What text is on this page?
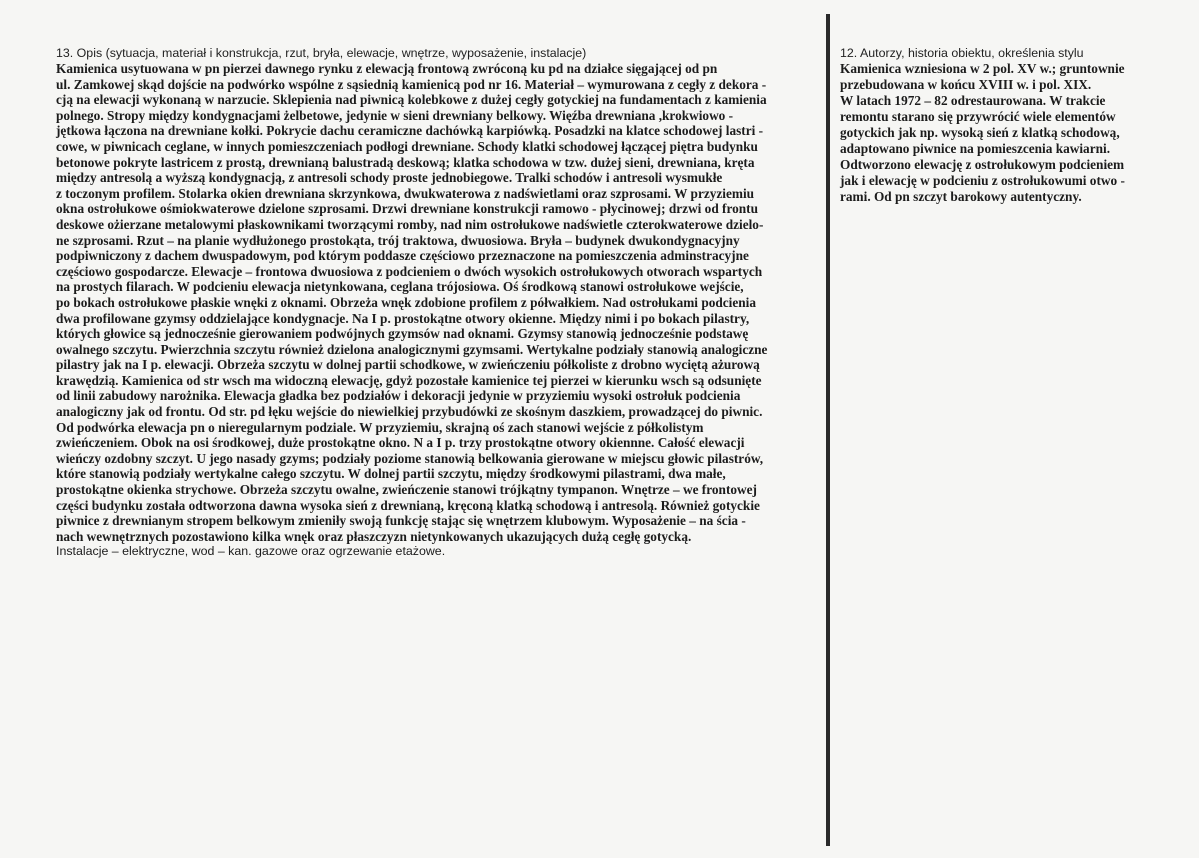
13. Opis (sytuacja, materiał i konstrukcja, rzut, bryła, elewacje, wnętrze, wyposażenie, instalacje)
Kamienica usytuowana w pn pierzei dawnego rynku z elewacją frontową zwróconą ku pd na działce sięgającej od pn
ul. Zamkowej skąd dojście na podwórko wspólne z sąsiednią kamienicą pod nr 16. Materiał – wymurowana z cegły z dekora -
cją na elewacji wykonaną w narzucie. Sklepienia nad piwnicą kolebkowe z dużej cegły gotyckiej na fundamentach z kamienia
polnego. Stropy między kondygnacjami żelbetowe, jedynie w sieni drewniany belkowy. Więźba drewniana ,krokwiowo -
jętkowa łączona na drewniane kołki. Pokrycie dachu ceramiczne dachówką karpiówką. Posadzki na klatce schodowej lastri -
cowe, w piwnicach ceglane, w innych pomieszczeniach podłogi drewniane. Schody klatki schodowej łączącej piętra budynku
betonowe pokryte lastricem z prostą, drewnianą balustradą deskową; klatka schodowa w tzw. dużej sieni, drewniana, kręta
między antresolą a wyższą kondygnacją, z antresoli schody proste jednobiegowe. Tralki schodów i antresoli wysmukłe
z toczonym profilem. Stolarka okien drewniana skrzynkowa, dwukwaterowa z nadświetlami oraz szprosami. W przyziemiu
okna ostrołukowe ośmiokwaterowe dzielone szprosami. Drzwi drewniane konstrukcji ramowo - płycinowej; drzwi od frontu
deskowe ożierzane metalowymi płaskownikami tworzącymi romby, nad nim ostrołukowe nadświetle czterokwaterowe dzielo-
ne szprosami. Rzut – na planie wydłużonego prostokąta, trój traktowa, dwuosiowa. Bryła – budynek dwukondygnacyjny
podpiwniczony z dachem dwuspadowym, pod którym poddasze częściowo przeznaczone na pomieszczenia adminstracyjne
częściowo gospodarcze. Elewacje – frontowa dwuosiowa z podcieniem o dwóch wysokich ostrołukowych otworach wspartych
na prostych filarach. W podcieniu elewacja nietynkowana, ceglana trójosiowa. Oś środkową stanowi ostrołukowe wejście,
po bokach ostrołukowe płaskie wnęki z oknami. Obrzeża wnęk zdobione profilem z półwałkiem. Nad ostrołukami podcienia
dwa profilowane gzymsy oddzielające kondygnacje. Na I p. prostokątne otwory okienne. Między nimi i po bokach pilastry,
których głowice są jednocześnie gierowaniem podwójnych gzymsów nad oknami. Gzymsy stanowią jednocześnie podstawę
owalnego szczytu. Pwierzchnia szczytu również dzielona analogicznymi gzymsami. Wertykalne podziały stanowią analogiczne
pilastry jak na I p. elewacji. Obrzeża szczytu w dolnej partii schodkowe, w zwieńczeniu półkoliste z drobno wyciętą ażurową
krawędzią. Kamienica od str wsch ma widoczną elewację, gdyż pozostałe kamienice tej pierzei w kierunku wsch są odsunięte
od linii zabudowy narożnika. Elewacja gładka bez podziałów i dekoracji jedynie w przyziemiu wysoki ostrołuk podcienia
analogiczny jak od frontu. Od str. pd łęku wejście do niewielkiej przybudówki ze skośnym daszkiem, prowadzącej do piwnic.
Od podwórka elewacja pn o nieregularnym podziale. W przyziemiu, skrajną oś zach stanowi wejście z półkolistym
zwieńczeniem. Obok na osi środkowej, duże prostokątne okno. N a I p. trzy prostokątne otwory okiennne. Całość elewacji
wieńczy ozdobny szczyt. U jego nasady gzyms; podziały poziome stanowią belkowania gierowane w miejscu głowic pilastrów,
które stanowią podziały wertykalne całego szczytu. W dolnej partii szczytu, między środkowymi pilastrami, dwa małe,
prostokątne okienka strychowe. Obrzeża szczytu owalne, zwieńczenie stanowi trójkątny tympanon. Wnętrze – we frontowej
części budynku została odtworzona dawna wysoka sień z drewnianą, kręconą klatką schodową i antresolą. Również gotyckie
piwnice z drewnianym stropem belkowym zmieniły swoją funkcję stając się wnętrzem klubowym. Wyposażenie – na ścia -
nach wewnętrznych pozostawiono kilka wnęk oraz płaszczyzn nietynkowanych ukazujących dużą cegłę gotycką.
Instalacje – elektryczne, wod – kan. gazowe oraz ogrzewanie etażowe.
12. Autorzy, historia obiektu, określenia stylu
Kamienica wzniesiona w 2 pol. XV w.; gruntownie
przebudowana w końcu XVIII w. i pol. XIX.
W latach 1972 – 82 odrestaurowana. W trakcie
remontu starano się przywrócić wiele elementów
gotyckich jak np. wysoką sień z klatką schodową,
adaptowano piwnice na pomieszcenia kawiarni.
Odtworzono elewację z ostrołukowym podcieniem
jak i elewację w podcieniu z ostrołukowumi otwo -
rami. Od pn szczyt barokowy autentyczny.
